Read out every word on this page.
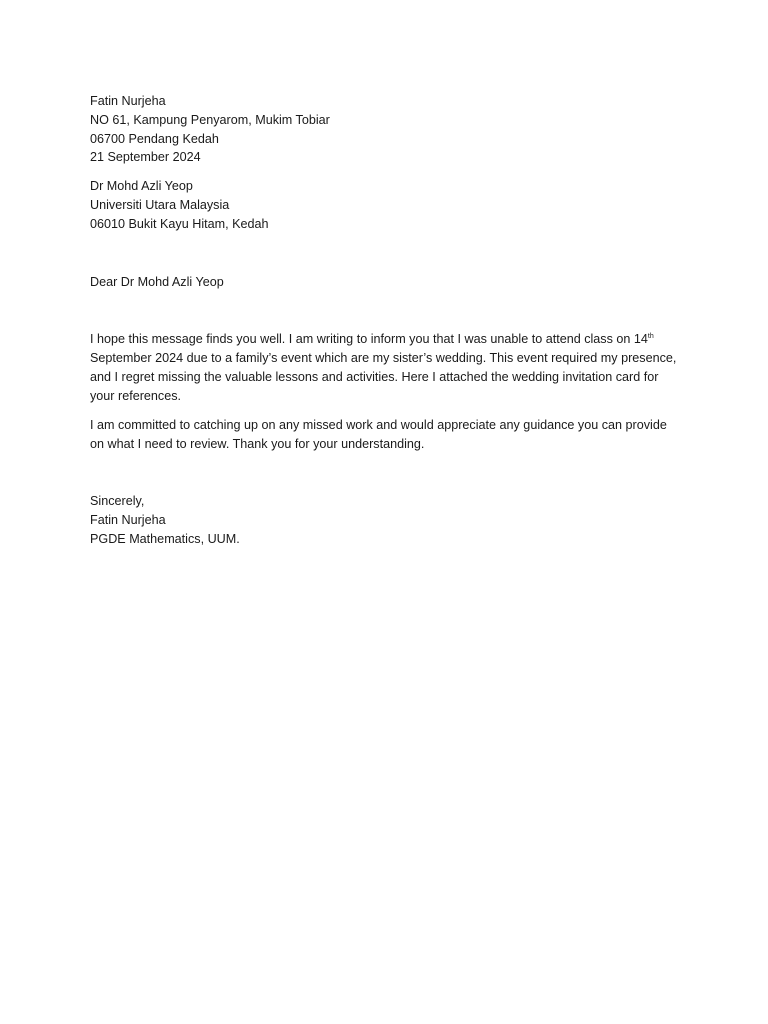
Fatin Nurjeha
NO 61, Kampung Penyarom, Mukim Tobiar
06700 Pendang Kedah
21 September 2024
Dr Mohd Azli Yeop
Universiti Utara Malaysia
06010 Bukit Kayu Hitam, Kedah
Dear Dr Mohd Azli Yeop

I hope this message finds you well. I am writing to inform you that I was unable to attend class on 14th September 2024 due to a family’s event which are my sister’s wedding. This event required my presence, and I regret missing the valuable lessons and activities. Here I attached the wedding invitation card for your references.

I am committed to catching up on any missed work and would appreciate any guidance you can provide on what I need to review. Thank you for your understanding.

Sincerely,
Fatin Nurjeha
PGDE Mathematics, UUM.
